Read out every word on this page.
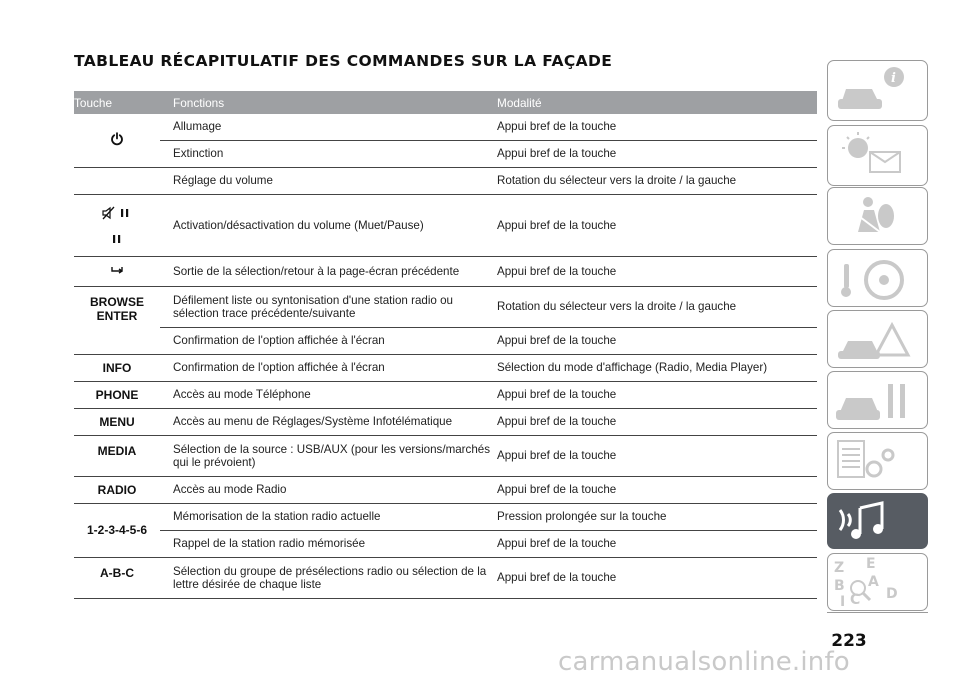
TABLEAU RÉCAPITULATIF DES COMMANDES SUR LA FAÇADE
Touche	Fonctions	Modalité
	Allumage	Appui bref de la touche
	Extinction	Appui bref de la touche
	Réglage du volume	Rotation du sélecteur vers la droite / la gauche

	Activation/désactivation du volume (Muet/Pause)	Appui bref de la touche
	Sortie de la sélection/retour à la page-écran précédente	Appui bref de la touche

BROWSE
ENTER	Défilement liste ou syntonisation d'une station radio ou sélection trace précédente/suivante	Rotation du sélecteur vers la droite / la gauche
	Confirmation de l'option affichée à l'écran	Appui bref de la touche
INFO	Confirmation de l'option affichée à l'écran	Sélection du mode d'affichage (Radio, Media Player)
PHONE	Accès au mode Téléphone	Appui bref de la touche
MENU	Accès au menu de Réglages/Système Infotélématique	Appui bref de la touche
MEDIA	Sélection de la source : USB/AUX (pour les versions/marchés qui le prévoient)	Appui bref de la touche
RADIO	Accès au mode Radio	Appui bref de la touche
1-2-3-4-5-6	Mémorisation de la station radio actuelle	Pression prolongée sur la touche
	Rappel de la station radio mémorisée	Appui bref de la touche
A-B-C	Sélection du groupe de présélections radio ou sélection de la lettre désirée de chaque liste	Appui bref de la touche
i
Z E
A
B
C D
I
223
carmanualsonline.info
